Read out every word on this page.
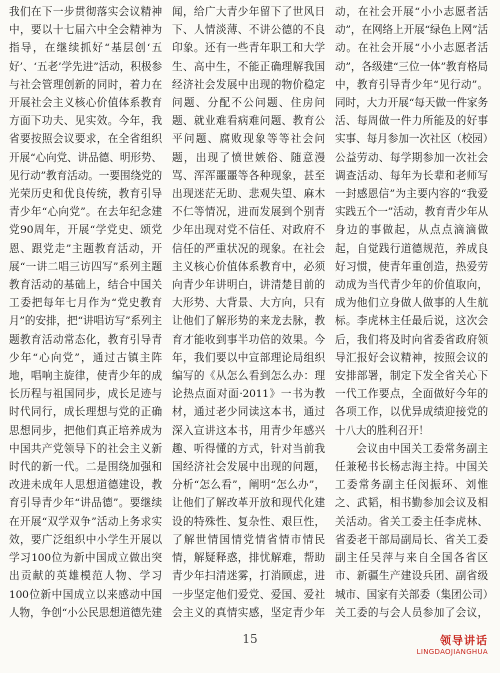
我们在下一步贯彻落实会议精神中，要以十七届六中全会精神为指导，在继续抓好“基层创‘五好’、‘五老’学先进”活动，积极参与社会管理创新的同时，着力在开展社会主义核心价值体系教育方面下功夫、见实效。今年，我省要按照会议要求，在全省组织开展“心向党、讲品德、明形势、见行动”教育活动。一要围绕党的光荣历史和优良传统，教育引导青少年“心向党”。在去年纪念建党90周年，开展“学党史、颂党恩、跟党走”主题教育活动，开展“一讲二唱三访四写”系列主题教育活动的基础上，结合中国关工委把每年七月作为“党史教育月”的安排，把“讲唱访写”系列主题教育活动常态化，教育引导青少年“心向党”，通过古镇主阵地，唱响主旋律，使青少年的成长历程与祖国同步，成长足迹与时代同行，成长理想与党的正确思想同步，把他们真正培养成为中国共产党领导下的社会主义新时代的新一代。二是围绕加强和改进未成年人思想道德建设，教育引导青少年“讲品德”。要继续在开展“双学双争”活动上务求实效，要广泛组织中小学生开展以学习100位为新中国成立做出突出贡献的英雄模范人物、学习100位新中国成立以来感动中国人物，争创“小公民思想道德先建

闻，给广大青少年留下了世风日下、人情淡薄、不讲公德的不良印象。还有一些青年职工和大学生、高中生，不能正确理解我国经济社会发展中出现的物价稳定问题、分配不公问题、住房问题、就业难看病难问题、教育公平问题、腐败现象等等社会问题，出现了愤世嫉俗、随意漫骂、浑浑噩噩等各种现象，甚至出现迷茫无助、悲观失望、麻木不仁等情况，进而发展到个别青少年出现对党不信任、对政府不信任的严重状况的现象。在社会主义核心价值体系教育中，必须向青少年讲明白，讲清楚目前的大形势、大背景、大方向，只有让他们了解形势的来龙去脉，教育才能收到事半功倍的效果。今年，我们要以中宣部理论局组织编写的《从怎么看到怎么办：理论热点面对面·2011》一书为教材，通过老少同读这本书，通过深入宣讲这本书，用青少年感兴趣、听得懂的方式，针对当前我国经济社会发展中出现的问题，分析“怎么看”，阐明“怎么办”，让他们了解改革开放和现代化建设的特殊性、复杂性、艰巨性，了解世情国情党情省情市情民情，解疑释惑，排忧解难，帮助青少年扫清迷雾，打消顾虑，进一步坚定他们爱党、爱国、爱社会主义的真情实感，坚定青少年

动，在社会开展“小小志愿者活动”，在网络上开展“绿色上网”活动。在社会开展“小小志愿者活动”，各级建“三位一体”教育格局中，教育引导青少年“见行动”。同时，大力开展“每天做一件家务活、每周做一件力所能及的好事实事、每月参加一次社区（校园）公益劳动、每学期参加一次社会调查活动、每年为长辈和老师写一封感恩信”为主要内容的“我爱实践五个一”活动，教育青少年从身边的事做起，从点点滴滴做起，自觉践行道德规范，养成良好习惯，使青年重创造，热爱劳动成为当代青少年的价值取向，成为他们立身做人做事的人生航标。李虎林主任最后说，这次会后，我们将及时向省委省政府领导汇报好会议精神，按照会议的安排部署，制定下发全省关心下一代工作要点，全面做好今年的各项工作，以优异成绩迎接党的十八大的胜利召开！

会议由中国关工委常务副主任兼秘书长杨志海主持。中国关工委常务副主任闵振环、刘惟之、武韬，相书勤参加会议及相关活动。省关工委主任李虎林、省委老干部局副局长、省关工委副主任吴萍与来自全国各省区市、新疆生产建设兵团、副省级城市、国家有关部委（集团公司）关工委的与会人员参加了会议，

15	领导讲话
LINGDAOJIANGHUA
